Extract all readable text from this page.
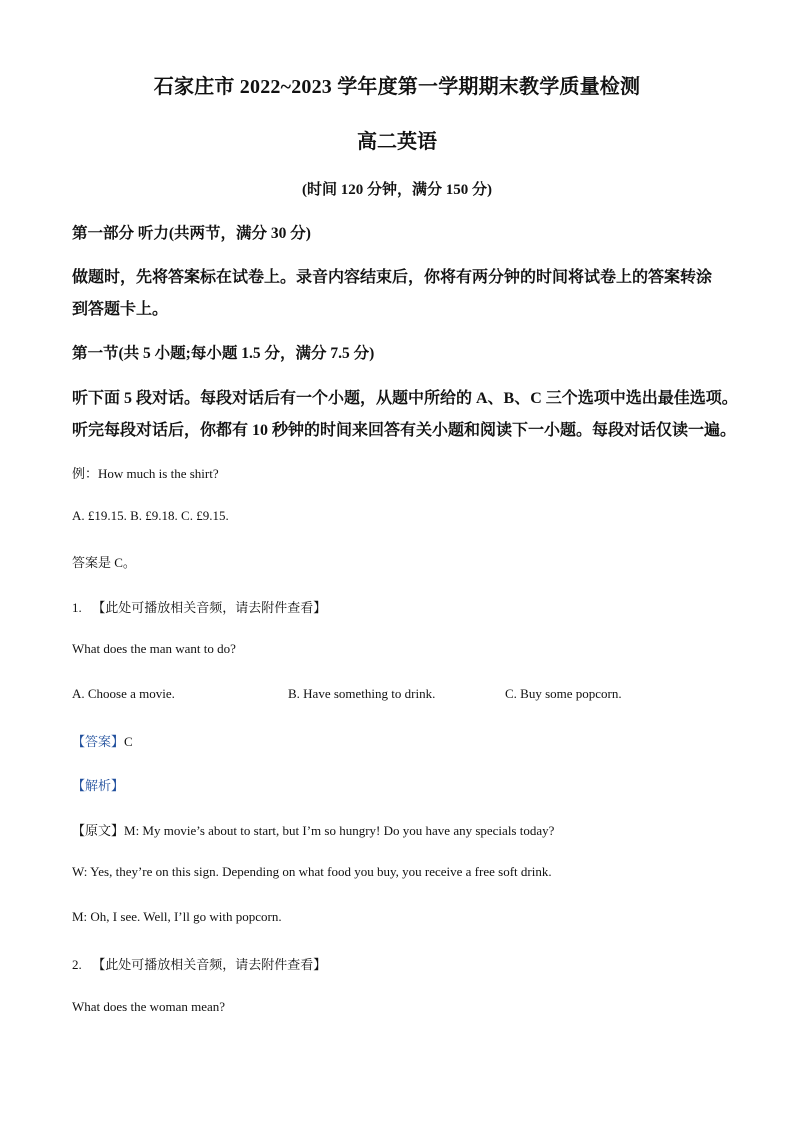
石家庄市 2022~2023 学年度第一学期期末教学质量检测
高二英语
(时间 120 分钟，满分 150 分)
第一部分 听力(共两节，满分 30 分)
做题时，先将答案标在试卷上。录音内容结束后，你将有两分钟的时间将试卷上的答案转涂
到答题卡上。
第一节(共 5 小题;每小题 1.5 分，满分 7.5 分)
听下面 5 段对话。每段对话后有一个小题，从题中所给的 A、B、C 三个选项中选出最佳选项。
听完每段对话后，你都有 10 秒钟的时间来回答有关小题和阅读下一小题。每段对话仅读一遍。
例：How much is the shirt?
A. £19.15. B. £9.18. C. £9.15.
答案是 C。
1. 【此处可播放相关音频，请去附件查看】
What does the man want to do?
A. Choose a movie.	B. Have something to drink.	C. Buy some popcorn.
【答案】C
【解析】
【原文】M: My movie’s about to start, but I’m so hungry! Do you have any specials today?
W: Yes, they’re on this sign. Depending on what food you buy, you receive a free soft drink.
M: Oh, I see. Well, I’ll go with popcorn.
2. 【此处可播放相关音频，请去附件查看】
What does the woman mean?
